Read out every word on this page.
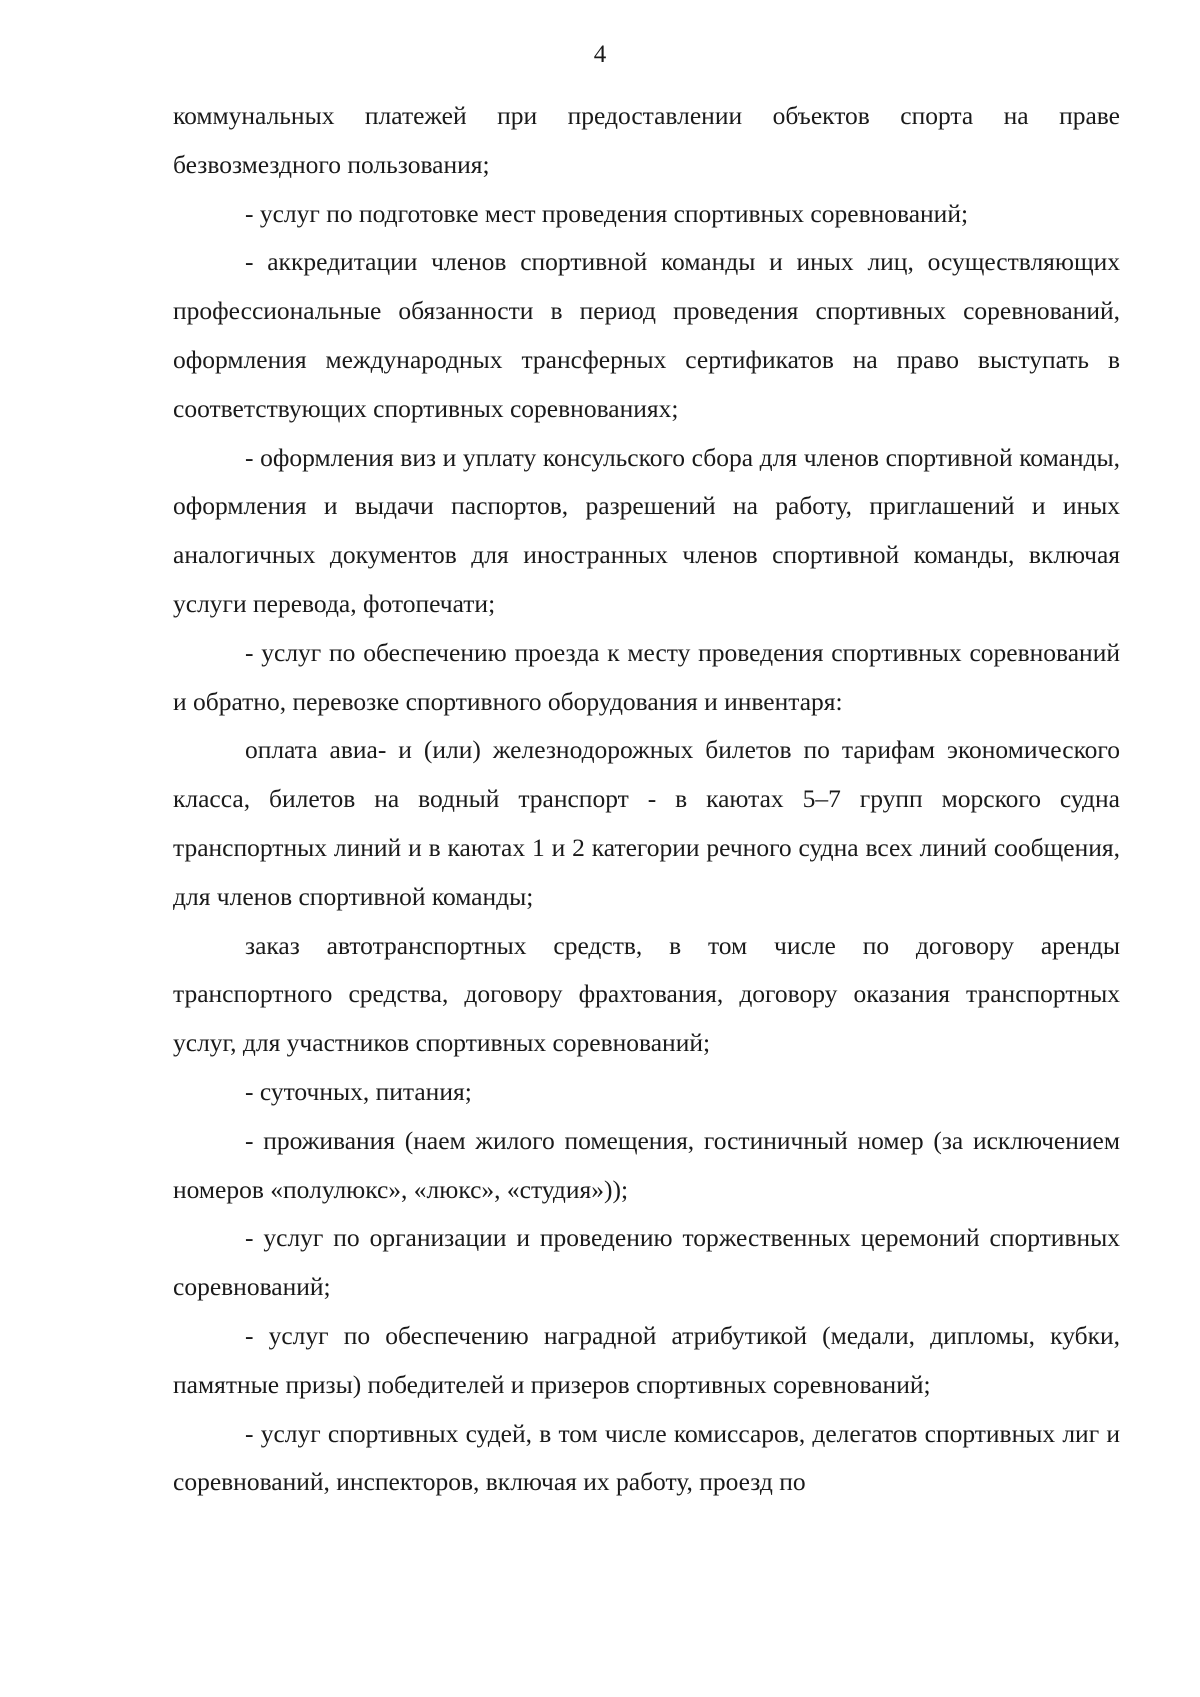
4

коммунальных платежей при предоставлении объектов спорта на праве безвозмездного пользования;

- услуг по подготовке мест проведения спортивных соревнований;

- аккредитации членов спортивной команды и иных лиц, осуществляющих профессиональные обязанности в период проведения спортивных соревнований, оформления международных трансферных сертификатов на право выступать в соответствующих спортивных соревнованиях;

- оформления виз и уплату консульского сбора для членов спортивной команды, оформления и выдачи паспортов, разрешений на работу, приглашений и иных аналогичных документов для иностранных членов спортивной команды, включая услуги перевода, фотопечати;

- услуг по обеспечению проезда к месту проведения спортивных соревнований и обратно, перевозке спортивного оборудования и инвентаря:

оплата авиа- и (или) железнодорожных билетов по тарифам экономического класса, билетов на водный транспорт - в каютах 5–7 групп морского судна транспортных линий и в каютах 1 и 2 категории речного судна всех линий сообщения, для членов спортивной команды;

заказ автотранспортных средств, в том числе по договору аренды транспортного средства, договору фрахтования, договору оказания транспортных услуг, для участников спортивных соревнований;

- суточных, питания;

- проживания (наем жилого помещения, гостиничный номер (за исключением номеров «полулюкс», «люкс», «студия»));

- услуг по организации и проведению торжественных церемоний спортивных соревнований;

- услуг по обеспечению наградной атрибутикой (медали, дипломы, кубки, памятные призы) победителей и призеров спортивных соревнований;

- услуг спортивных судей, в том числе комиссаров, делегатов спортивных лиг и соревнований, инспекторов, включая их работу, проезд по
